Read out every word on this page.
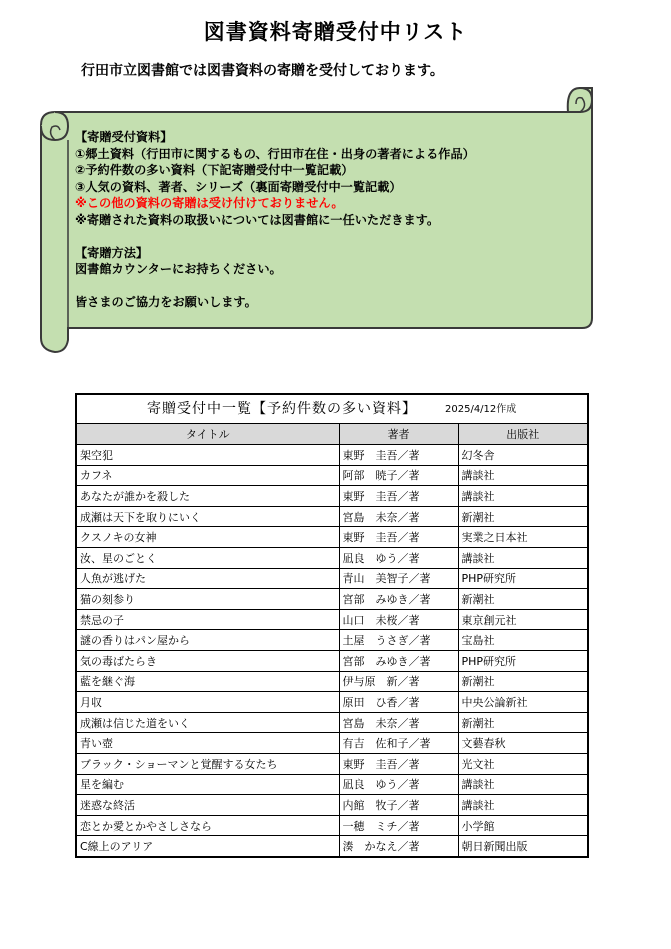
図書資料寄贈受付中リスト
行田市立図書館では図書資料の寄贈を受付しております。
【寄贈受付資料】
①郷土資料（行田市に関するもの、行田市在住・出身の著者による作品）
②予約件数の多い資料（下記寄贈受付中一覧記載）
③人気の資料、著者、シリーズ（裏面寄贈受付中一覧記載）
※この他の資料の寄贈は受け付けておりません。
※寄贈された資料の取扱いについては図書館に一任いただきます。
【寄贈方法】
図書館カウンターにお持ちください。
皆さまのご協力をお願いします。
寄贈受付中一覧【予約件数の多い資料】	2025/4/12作成
タイトル	著者	出版社
架空犯	東野　圭吾／著	幻冬舎
カフネ	阿部　暁子／著	講談社
あなたが誰かを殺した	東野　圭吾／著	講談社
成瀬は天下を取りにいく	宮島　未奈／著	新潮社
クスノキの女神	東野　圭吾／著	実業之日本社
汝、星のごとく	凪良　ゆう／著	講談社
人魚が逃げた	青山　美智子／著	PHP研究所
猫の刻参り	宮部　みゆき／著	新潮社
禁忌の子	山口　未桜／著	東京創元社
謎の香りはパン屋から	土屋　うさぎ／著	宝島社
気の毒ばたらき	宮部　みゆき／著	PHP研究所
藍を継ぐ海	伊与原　新／著	新潮社
月収	原田　ひ香／著	中央公論新社
成瀬は信じた道をいく	宮島　未奈／著	新潮社
青い壺	有吉　佐和子／著	文藝春秋
ブラック・ショーマンと覚醒する女たち	東野　圭吾／著	光文社
星を編む	凪良　ゆう／著	講談社
迷惑な終活	内館　牧子／著	講談社
恋とか愛とかやさしさなら	一穂　ミチ／著	小学館
C線上のアリア	湊　かなえ／著	朝日新聞出版
